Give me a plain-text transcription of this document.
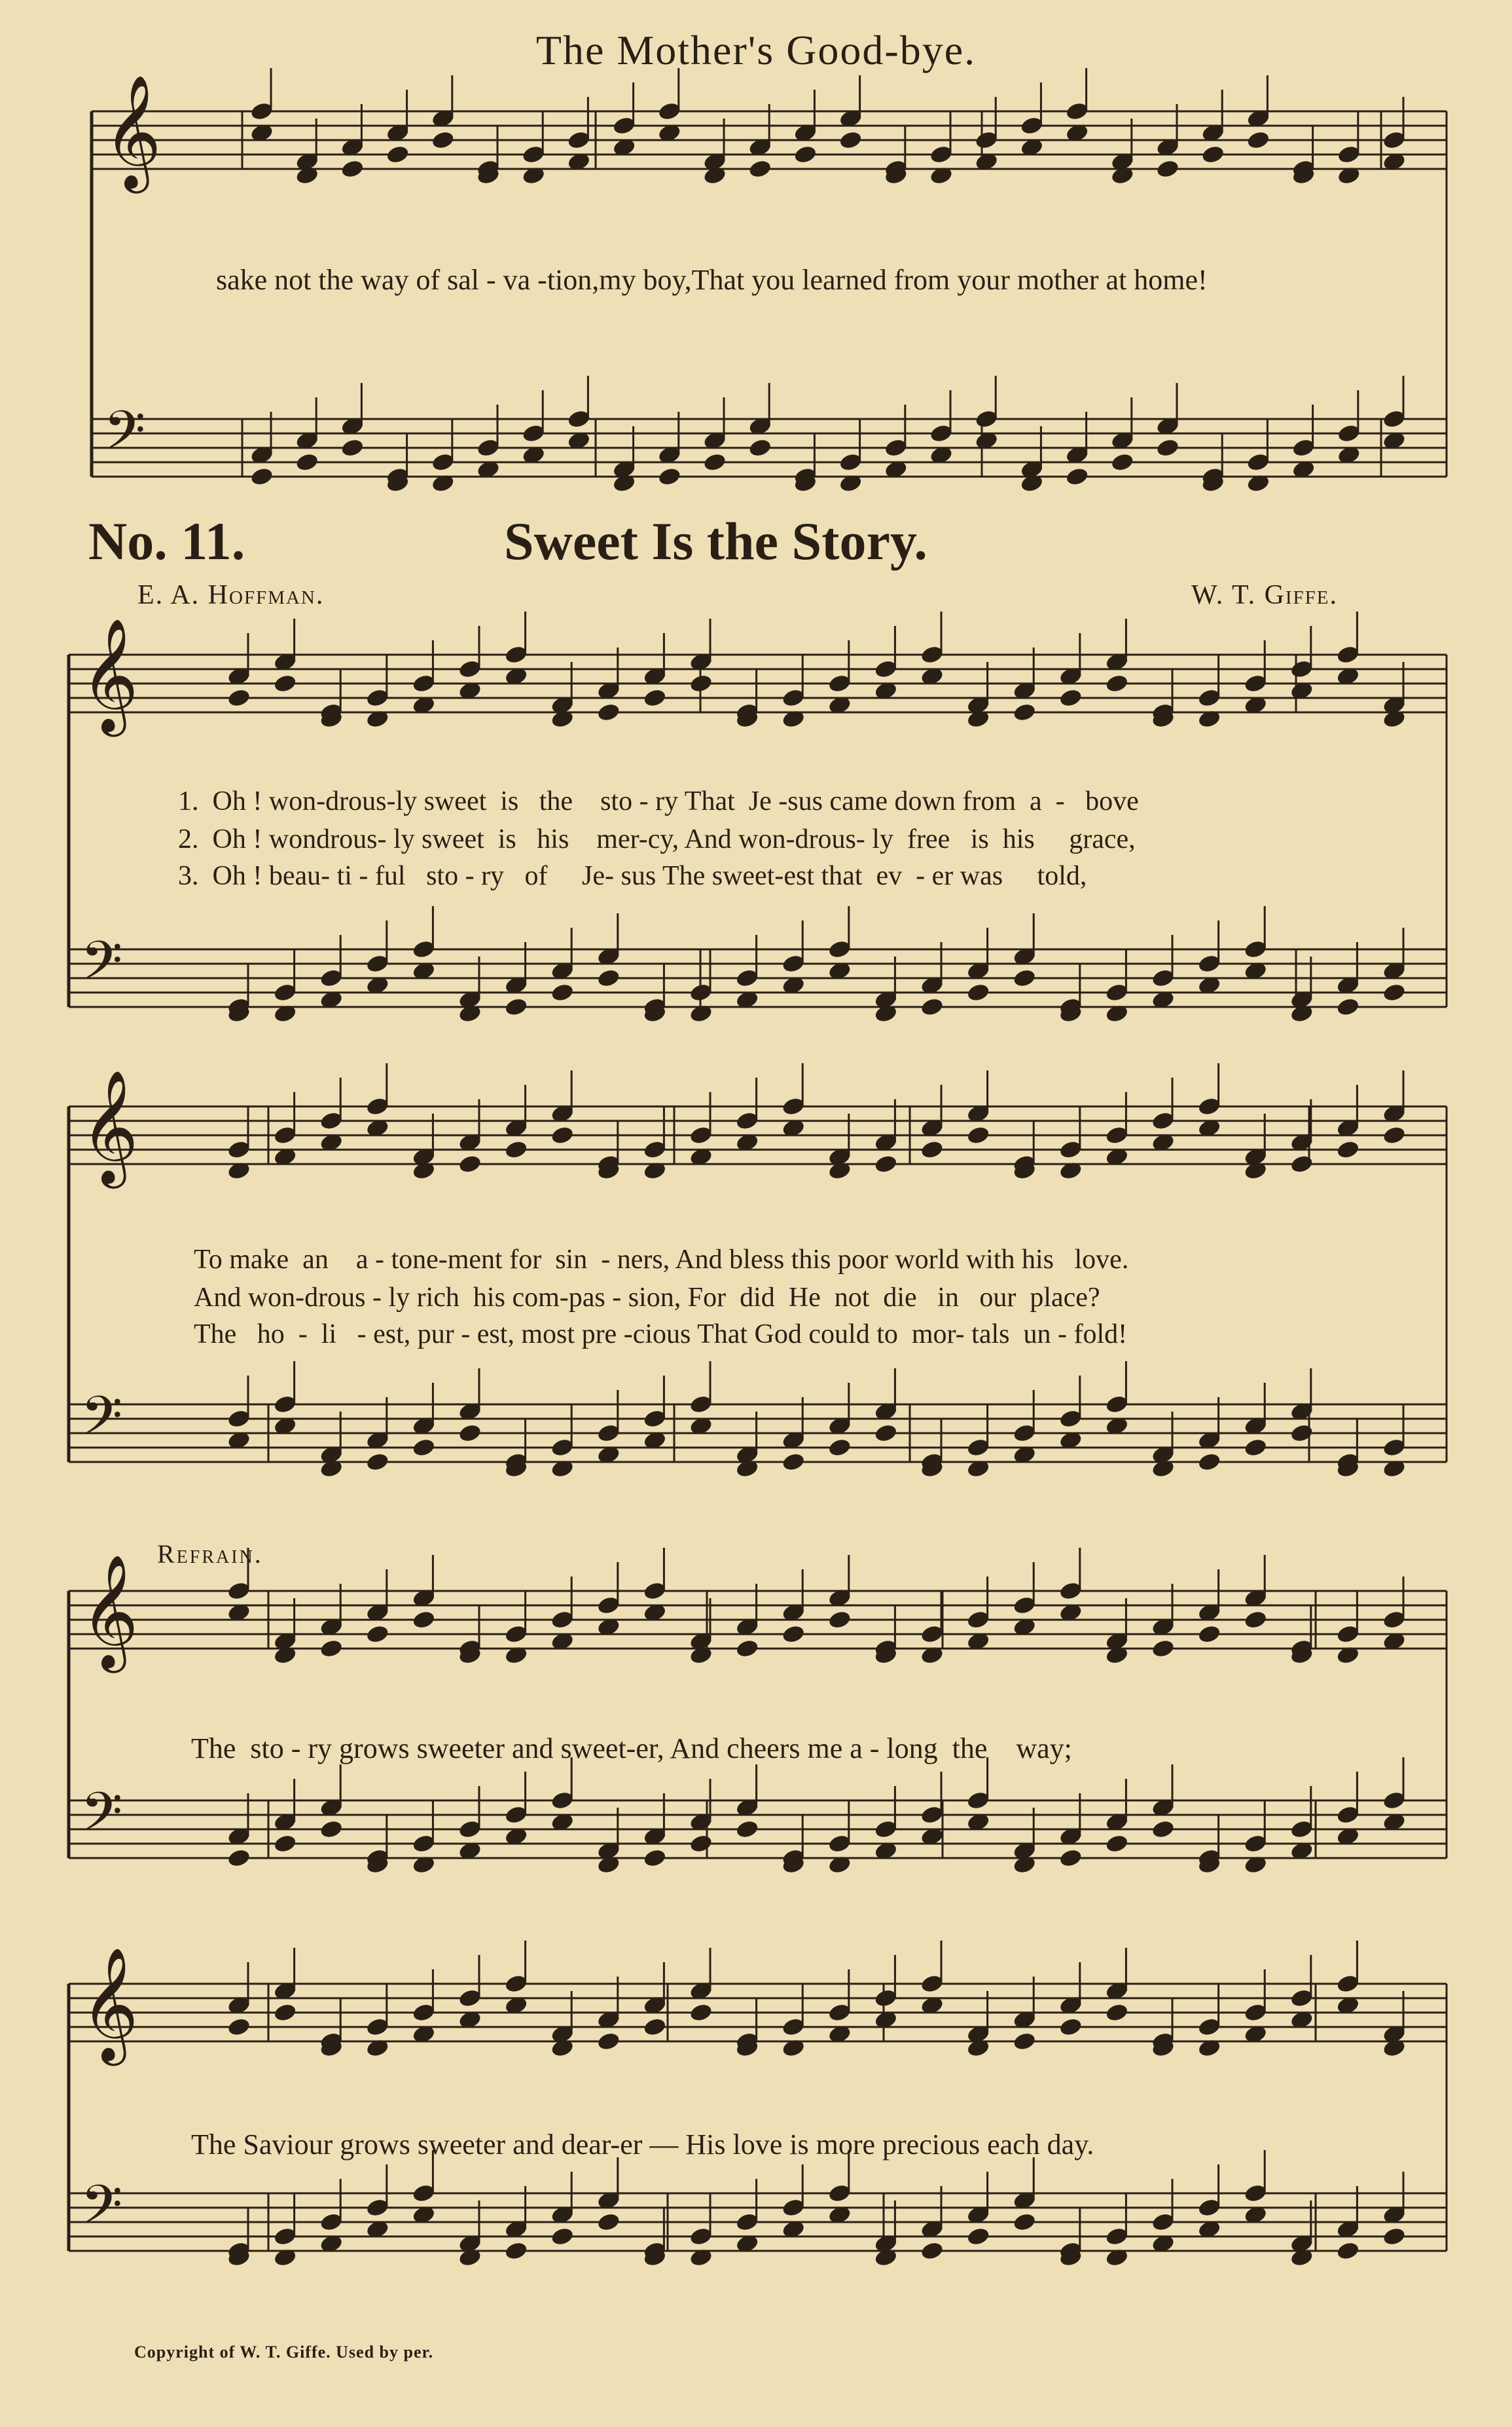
The Mother's Good-bye.
𝄞
𝄢
𝄞
𝄢
𝄞
𝄢
𝄞
𝄢
𝄞
𝄢
sake not the way of sal - va -tion,my boy,That you learned from your mother at home!
No. 11.	Sweet Is the Story.
E. A. Hoffman.	W. T. Giffe.
1.  Oh ! won-drous-ly sweet  is   the    sto - ry That  Je -sus came down from  a  -   bove
2.  Oh ! wondrous- ly sweet  is   his    mer-cy, And won-drous- ly  free   is  his     grace,
3.  Oh ! beau- ti - ful   sto - ry   of     Je- sus The sweet-est that  ev  - er was     told,
To make  an    a - tone-ment for  sin  - ners, And bless this poor world with his   love.
And won-drous - ly rich  his com-pas - sion, For  did  He  not  die   in   our  place?
The   ho  -  li   - est, pur - est, most pre -cious That God could to  mor- tals  un - fold!
Refrain.
The  sto - ry grows sweeter and sweet-er, And cheers me a - long  the    way;
The Saviour grows sweeter and dear-er — His love is more precious each day.
Copyright of W. T. Giffe. Used by per.
